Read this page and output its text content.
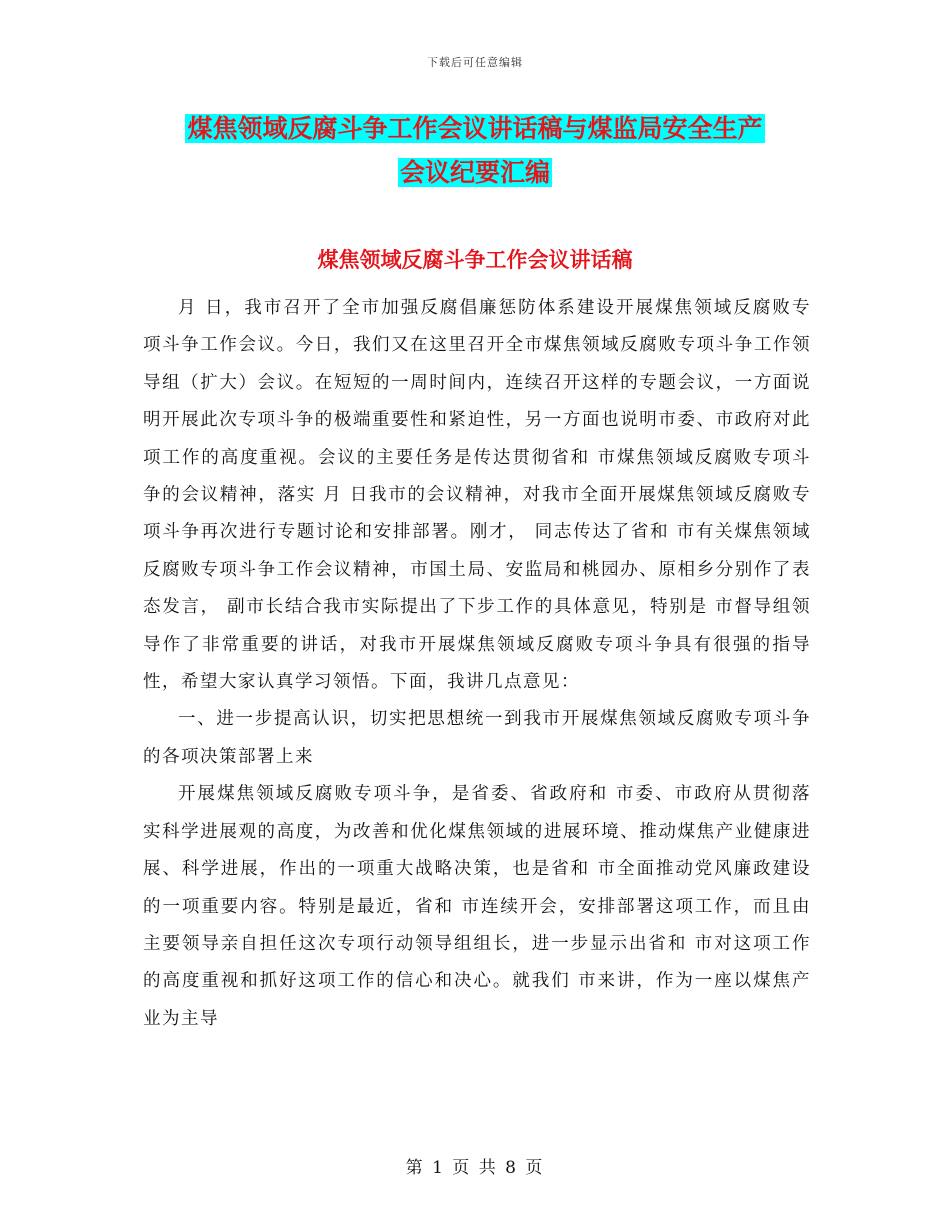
下载后可任意编辑
煤焦领域反腐斗争工作会议讲话稿与煤监局安全生产
会议纪要汇编
煤焦领域反腐斗争工作会议讲话稿

月 日，我市召开了全市加强反腐倡廉惩防体系建设开展煤焦领域反腐败专项斗争工作会议。今日，我们又在这里召开全市煤焦领域反腐败专项斗争工作领导组（扩大）会议。在短短的一周时间内，连续召开这样的专题会议，一方面说明开展此次专项斗争的极端重要性和紧迫性，另一方面也说明市委、市政府对此项工作的高度重视。会议的主要任务是传达贯彻省和 市煤焦领域反腐败专项斗争的会议精神，落实 月 日我市的会议精神，对我市全面开展煤焦领域反腐败专项斗争再次进行专题讨论和安排部署。刚才， 同志传达了省和 市有关煤焦领域反腐败专项斗争工作会议精神，市国土局、安监局和桃园办、原相乡分别作了表态发言， 副市长结合我市实际提出了下步工作的具体意见，特别是 市督导组领导作了非常重要的讲话，对我市开展煤焦领域反腐败专项斗争具有很强的指导性，希望大家认真学习领悟。下面，我讲几点意见：

一、进一步提高认识，切实把思想统一到我市开展煤焦领域反腐败专项斗争的各项决策部署上来

开展煤焦领域反腐败专项斗争，是省委、省政府和 市委、市政府从贯彻落实科学进展观的高度，为改善和优化煤焦领域的进展环境、推动煤焦产业健康进展、科学进展，作出的一项重大战略决策，也是省和 市全面推动党风廉政建设的一项重要内容。特别是最近，省和 市连续开会，安排部署这项工作，而且由主要领导亲自担任这次专项行动领导组组长，进一步显示出省和 市对这项工作的高度重视和抓好这项工作的信心和决心。就我们 市来讲，作为一座以煤焦产业为主导

第 1 页 共 8 页
